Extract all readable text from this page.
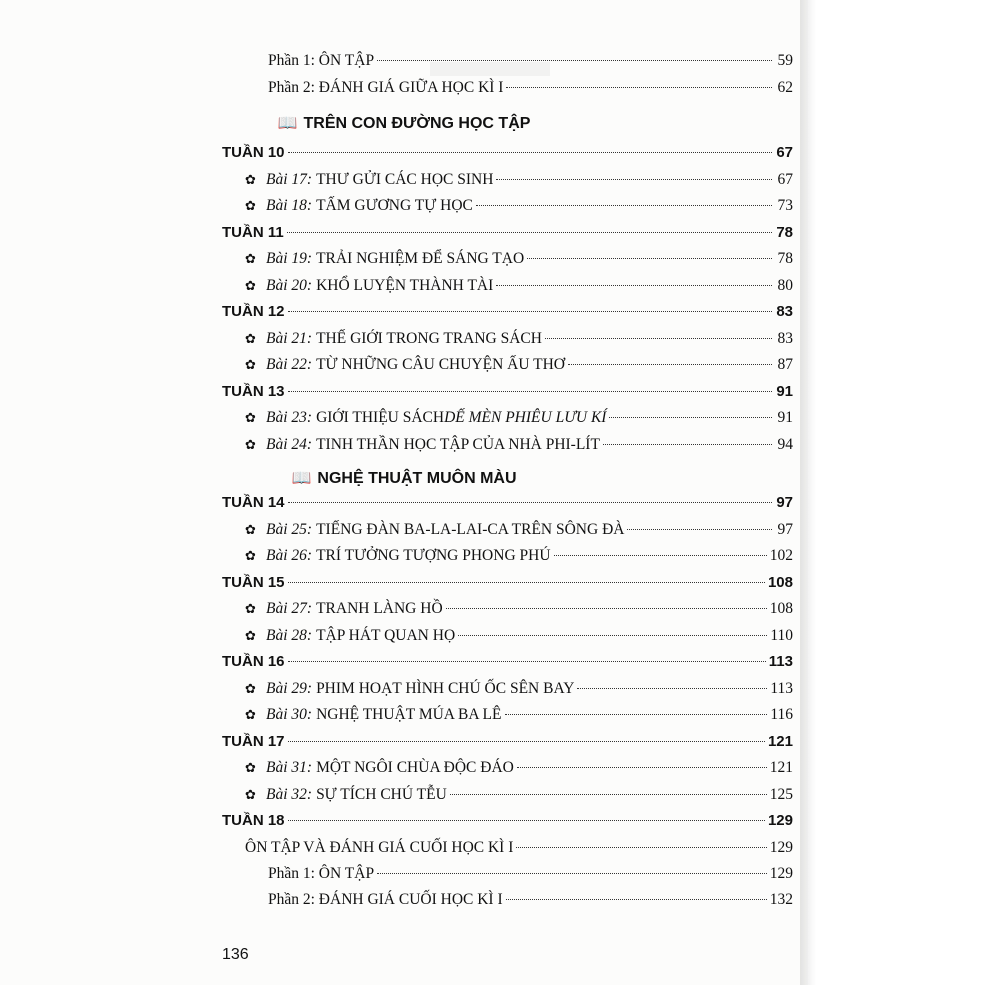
Phần 1: ÔN TẬP	59
Phần 2: ĐÁNH GIÁ GIỮA HỌC KÌ I	62
📖 TRÊN CON ĐƯỜNG HỌC TẬP
TUẦN 10	67
✿ Bài 17: THƯ GỬI CÁC HỌC SINH	67
✿ Bài 18: TẤM GƯƠNG TỰ HỌC	73
TUẦN 11	78
✿ Bài 19: TRẢI NGHIỆM ĐỂ SÁNG TẠO	78
✿ Bài 20: KHỔ LUYỆN THÀNH TÀI	80
TUẦN 12	83
✿ Bài 21: THẾ GIỚI TRONG TRANG SÁCH	83
✿ Bài 22: TỪ NHỮNG CÂU CHUYỆN ẤU THƠ	87
TUẦN 13	91
✿ Bài 23: GIỚI THIỆU SÁCH DẾ MÈN PHIÊU LƯU KÍ	91
✿ Bài 24: TINH THẦN HỌC TẬP CỦA NHÀ PHI-LÍT	94
📖 NGHỆ THUẬT MUÔN MÀU
TUẦN 14	97
✿ Bài 25: TIẾNG ĐÀN BA-LA-LAI-CA TRÊN SÔNG ĐÀ	97
✿ Bài 26: TRÍ TƯỞNG TƯỢNG PHONG PHÚ	102
TUẦN 15	108
✿ Bài 27: TRANH LÀNG HỒ	108
✿ Bài 28: TẬP HÁT QUAN HỌ	110
TUẦN 16	113
✿ Bài 29: PHIM HOẠT HÌNH CHÚ ỐC SÊN BAY	113
✿ Bài 30: NGHỆ THUẬT MÚA BA LÊ	116
TUẦN 17	121
✿ Bài 31: MỘT NGÔI CHÙA ĐỘC ĐÁO	121
✿ Bài 32: SỰ TÍCH CHÚ TỄU	125
TUẦN 18	129
ÔN TẬP VÀ ĐÁNH GIÁ CUỐI HỌC KÌ I	129
Phần 1: ÔN TẬP	129
Phần 2: ĐÁNH GIÁ CUỐI HỌC KÌ I	132
136
